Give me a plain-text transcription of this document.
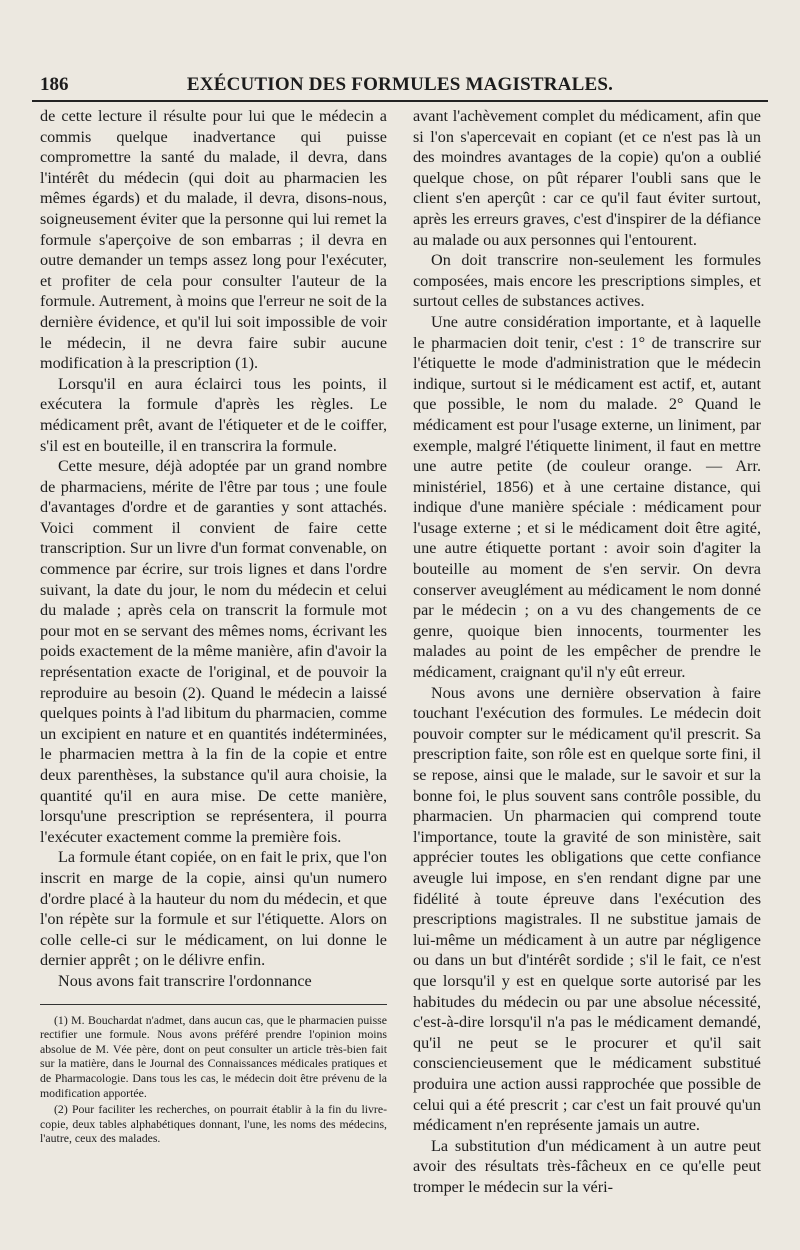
186	EXÉCUTION DES FORMULES MAGISTRALES.

de cette lecture il résulte pour lui que le médecin a commis quelque inadvertance qui puisse compromettre la santé du malade, il devra, dans l'intérêt du médecin (qui doit au pharmacien les mêmes égards) et du malade, il devra, disons-nous, soigneusement éviter que la personne qui lui remet la formule s'aperçoive de son embarras ; il devra en outre demander un temps assez long pour l'exécuter, et profiter de cela pour consulter l'auteur de la formule. Autrement, à moins que l'erreur ne soit de la dernière évidence, et qu'il lui soit impossible de voir le médecin, il ne devra faire subir aucune modification à la prescription (1).

Lorsqu'il en aura éclairci tous les points, il exécutera la formule d'après les règles. Le médicament prêt, avant de l'étiqueter et de le coiffer, s'il est en bouteille, il en transcrira la formule.

Cette mesure, déjà adoptée par un grand nombre de pharmaciens, mérite de l'être par tous ; une foule d'avantages d'ordre et de garanties y sont attachés. Voici comment il convient de faire cette transcription. Sur un livre d'un format convenable, on commence par écrire, sur trois lignes et dans l'ordre suivant, la date du jour, le nom du médecin et celui du malade ; après cela on transcrit la formule mot pour mot en se servant des mêmes noms, écrivant les poids exactement de la même manière, afin d'avoir la représentation exacte de l'original, et de pouvoir la reproduire au besoin (2). Quand le médecin a laissé quelques points à l'ad libitum du pharmacien, comme un excipient en nature et en quantités indéterminées, le pharmacien mettra à la fin de la copie et entre deux parenthèses, la substance qu'il aura choisie, la quantité qu'il en aura mise. De cette manière, lorsqu'une prescription se représentera, il pourra l'exécuter exactement comme la première fois.

La formule étant copiée, on en fait le prix, que l'on inscrit en marge de la copie, ainsi qu'un numero d'ordre placé à la hauteur du nom du médecin, et que l'on répète sur la formule et sur l'étiquette. Alors on colle celle-ci sur le médicament, on lui donne le dernier apprêt ; on le délivre enfin.

Nous avons fait transcrire l'ordonnance

(1) M. Bouchardat n'admet, dans aucun cas, que le pharmacien puisse rectifier une formule. Nous avons préféré prendre l'opinion moins absolue de M. Vée père, dont on peut consulter un article très-bien fait sur la matière, dans le Journal des Connaissances médicales pratiques et de Pharmacologie. Dans tous les cas, le médecin doit être prévenu de la modification apportée.

(2) Pour faciliter les recherches, on pourrait établir à la fin du livre-copie, deux tables alphabétiques donnant, l'une, les noms des médecins, l'autre, ceux des malades.

avant l'achèvement complet du médicament, afin que si l'on s'apercevait en copiant (et ce n'est pas là un des moindres avantages de la copie) qu'on a oublié quelque chose, on pût réparer l'oubli sans que le client s'en aperçût : car ce qu'il faut éviter surtout, après les erreurs graves, c'est d'inspirer de la défiance au malade ou aux personnes qui l'entourent.

On doit transcrire non-seulement les formules composées, mais encore les prescriptions simples, et surtout celles de substances actives.

Une autre considération importante, et à laquelle le pharmacien doit tenir, c'est : 1° de transcrire sur l'étiquette le mode d'administration que le médecin indique, surtout si le médicament est actif, et, autant que possible, le nom du malade. 2° Quand le médicament est pour l'usage externe, un liniment, par exemple, malgré l'étiquette liniment, il faut en mettre une autre petite (de couleur orange. — Arr. ministériel, 1856) et à une certaine distance, qui indique d'une manière spéciale : médicament pour l'usage externe ; et si le médicament doit être agité, une autre étiquette portant : avoir soin d'agiter la bouteille au moment de s'en servir. On devra conserver aveuglément au médicament le nom donné par le médecin ; on a vu des changements de ce genre, quoique bien innocents, tourmenter les malades au point de les empêcher de prendre le médicament, craignant qu'il n'y eût erreur.

Nous avons une dernière observation à faire touchant l'exécution des formules. Le médecin doit pouvoir compter sur le médicament qu'il prescrit. Sa prescription faite, son rôle est en quelque sorte fini, il se repose, ainsi que le malade, sur le savoir et sur la bonne foi, le plus souvent sans contrôle possible, du pharmacien. Un pharmacien qui comprend toute l'importance, toute la gravité de son ministère, sait apprécier toutes les obligations que cette confiance aveugle lui impose, en s'en rendant digne par une fidélité à toute épreuve dans l'exécution des prescriptions magistrales. Il ne substitue jamais de lui-même un médicament à un autre par négligence ou dans un but d'intérêt sordide ; s'il le fait, ce n'est que lorsqu'il y est en quelque sorte autorisé par les habitudes du médecin ou par une absolue nécessité, c'est-à-dire lorsqu'il n'a pas le médicament demandé, qu'il ne peut se le procurer et qu'il sait consciencieusement que le médicament substitué produira une action aussi rapprochée que possible de celui qui a été prescrit ; car c'est un fait prouvé qu'un médicament n'en représente jamais un autre.

La substitution d'un médicament à un autre peut avoir des résultats très-fâcheux en ce qu'elle peut tromper le médecin sur la véri-
